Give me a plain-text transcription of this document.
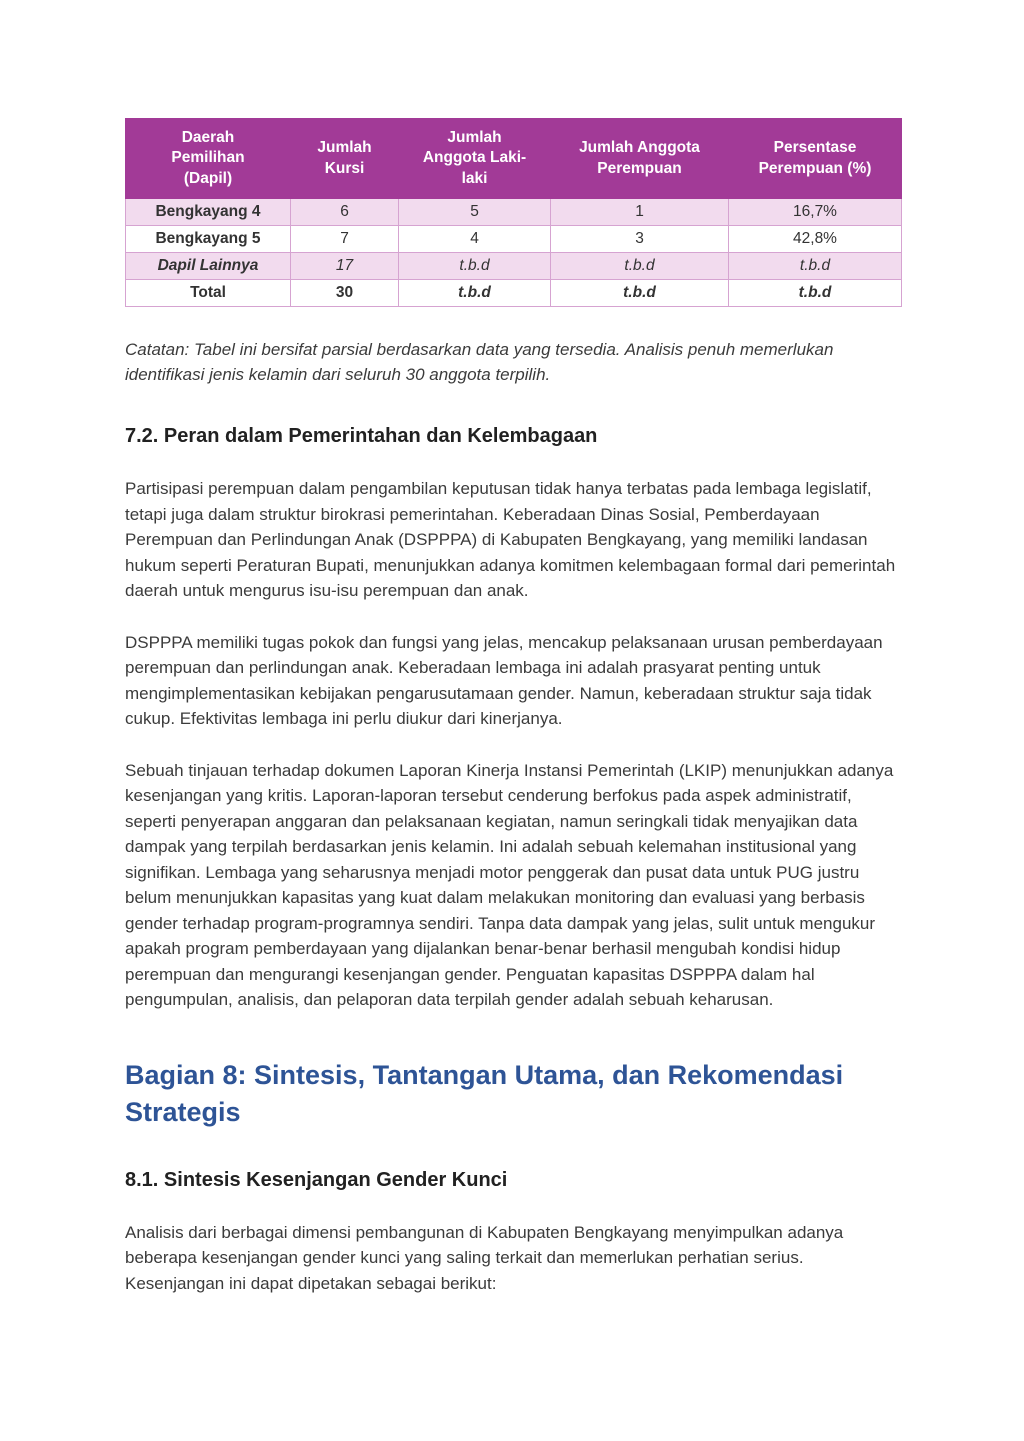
Daerah Pemilihan (Dapil)	Jumlah Kursi	Jumlah Anggota Laki-laki	Jumlah Anggota Perempuan	Persentase Perempuan (%)
Bengkayang 4	6	5	1	16,7%
Bengkayang 5	7	4	3	42,8%
Dapil Lainnya	17	t.b.d	t.b.d	t.b.d
Total	30	t.b.d	t.b.d	t.b.d

Catatan: Tabel ini bersifat parsial berdasarkan data yang tersedia. Analisis penuh memerlukan identifikasi jenis kelamin dari seluruh 30 anggota terpilih.

7.2. Peran dalam Pemerintahan dan Kelembagaan

Partisipasi perempuan dalam pengambilan keputusan tidak hanya terbatas pada lembaga legislatif, tetapi juga dalam struktur birokrasi pemerintahan. Keberadaan Dinas Sosial, Pemberdayaan Perempuan dan Perlindungan Anak (DSPPPA) di Kabupaten Bengkayang, yang memiliki landasan hukum seperti Peraturan Bupati, menunjukkan adanya komitmen kelembagaan formal dari pemerintah daerah untuk mengurus isu-isu perempuan dan anak.

DSPPPA memiliki tugas pokok dan fungsi yang jelas, mencakup pelaksanaan urusan pemberdayaan perempuan dan perlindungan anak. Keberadaan lembaga ini adalah prasyarat penting untuk mengimplementasikan kebijakan pengarusutamaan gender. Namun, keberadaan struktur saja tidak cukup. Efektivitas lembaga ini perlu diukur dari kinerjanya.

Sebuah tinjauan terhadap dokumen Laporan Kinerja Instansi Pemerintah (LKIP) menunjukkan adanya kesenjangan yang kritis. Laporan-laporan tersebut cenderung berfokus pada aspek administratif, seperti penyerapan anggaran dan pelaksanaan kegiatan, namun seringkali tidak menyajikan data dampak yang terpilah berdasarkan jenis kelamin. Ini adalah sebuah kelemahan institusional yang signifikan. Lembaga yang seharusnya menjadi motor penggerak dan pusat data untuk PUG justru belum menunjukkan kapasitas yang kuat dalam melakukan monitoring dan evaluasi yang berbasis gender terhadap program-programnya sendiri. Tanpa data dampak yang jelas, sulit untuk mengukur apakah program pemberdayaan yang dijalankan benar-benar berhasil mengubah kondisi hidup perempuan dan mengurangi kesenjangan gender. Penguatan kapasitas DSPPPA dalam hal pengumpulan, analisis, dan pelaporan data terpilah gender adalah sebuah keharusan.

Bagian 8: Sintesis, Tantangan Utama, dan Rekomendasi Strategis
8.1. Sintesis Kesenjangan Gender Kunci

Analisis dari berbagai dimensi pembangunan di Kabupaten Bengkayang menyimpulkan adanya beberapa kesenjangan gender kunci yang saling terkait dan memerlukan perhatian serius. Kesenjangan ini dapat dipetakan sebagai berikut:
